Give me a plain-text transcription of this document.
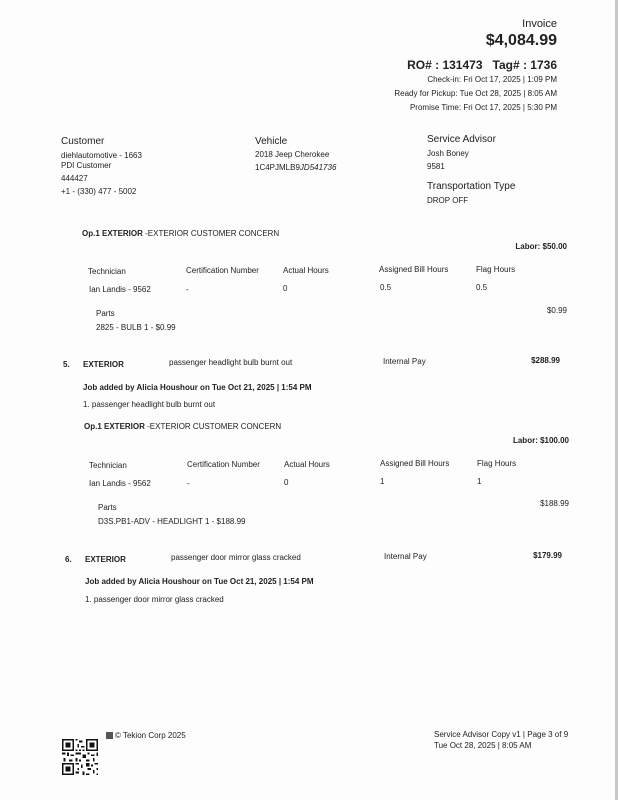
Invoice
$4,084.99
RO# : 131473 Tag# : 1736
Check-in: Fri Oct 17, 2025 | 1:09 PM
Ready for Pickup: Tue Oct 28, 2025 | 8:05 AM
Promise Time: Fri Oct 17, 2025 | 5:30 PM
Customer
diehlautomotive - 1663
PDI Customer
444427
+1 - (330) 477 - 5002
Vehicle
2018 Jeep Cherokee
1C4PJMLB9JD541736
Service Advisor
Josh Boney
9581
Transportation Type
DROP OFF
Op.1 EXTERIOR -EXTERIOR CUSTOMER CONCERN
Labor: $50.00
Technician	Certification Number	Actual Hours	Assigned Bill Hours	Flag Hours
Ian Landis - 9562	-	0	0.5	0.5
Parts	$0.99
2825 - BULB 1 - $0.99
5. EXTERIOR	passenger headlight bulb burnt out	Internal Pay	$288.99
Job added by Alicia Houshour on Tue Oct 21, 2025 | 1:54 PM
1. passenger headlight bulb burnt out
Op.1 EXTERIOR -EXTERIOR CUSTOMER CONCERN
Labor: $100.00
Technician	Certification Number	Actual Hours	Assigned Bill Hours	Flag Hours
Ian Landis - 9562	-	0	1	1
Parts	$188.99
D3S.PB1-ADV - HEADLIGHT 1 - $188.99
6. EXTERIOR	passenger door mirror glass cracked	Internal Pay	$179.99
Job added by Alicia Houshour on Tue Oct 21, 2025 | 1:54 PM
1. passenger door mirror glass cracked
© Tekion Corp 2025	Service Advisor Copy v1 | Page 3 of 9
Tue Oct 28, 2025 | 8:05 AM
